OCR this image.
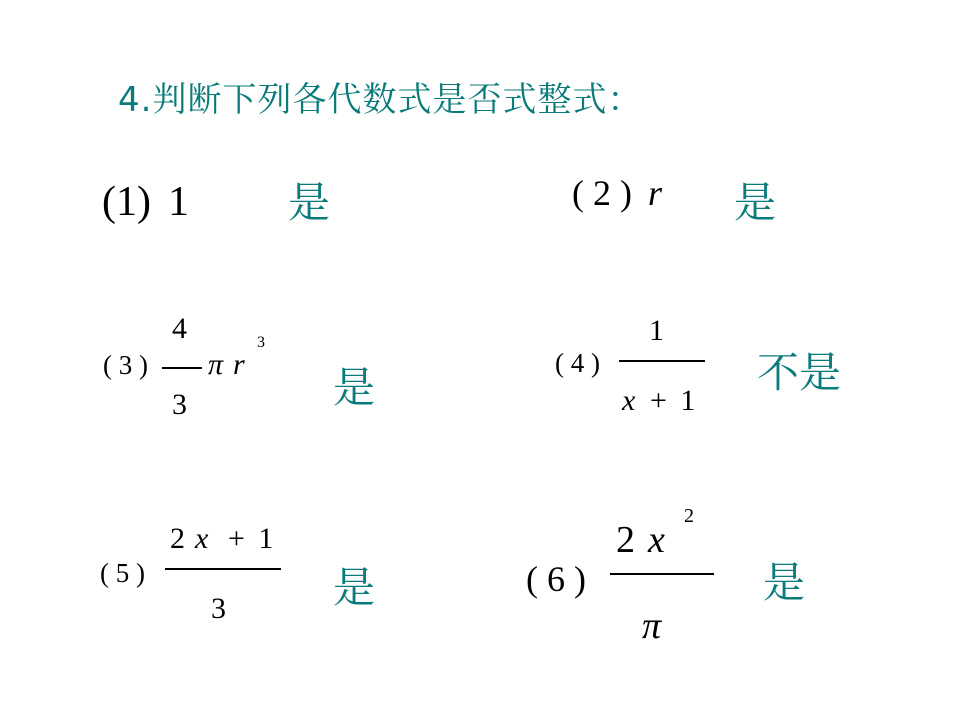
4.判断下列各代数式是否式整式：
(1) 1 是	( 2 ) r 是
( 3 )
4
3
π r
3
是	( 4 )
1
x + 1
不是
( 5 )
2 x + 1
3	是	( 6 )
2 x
2
π
是
